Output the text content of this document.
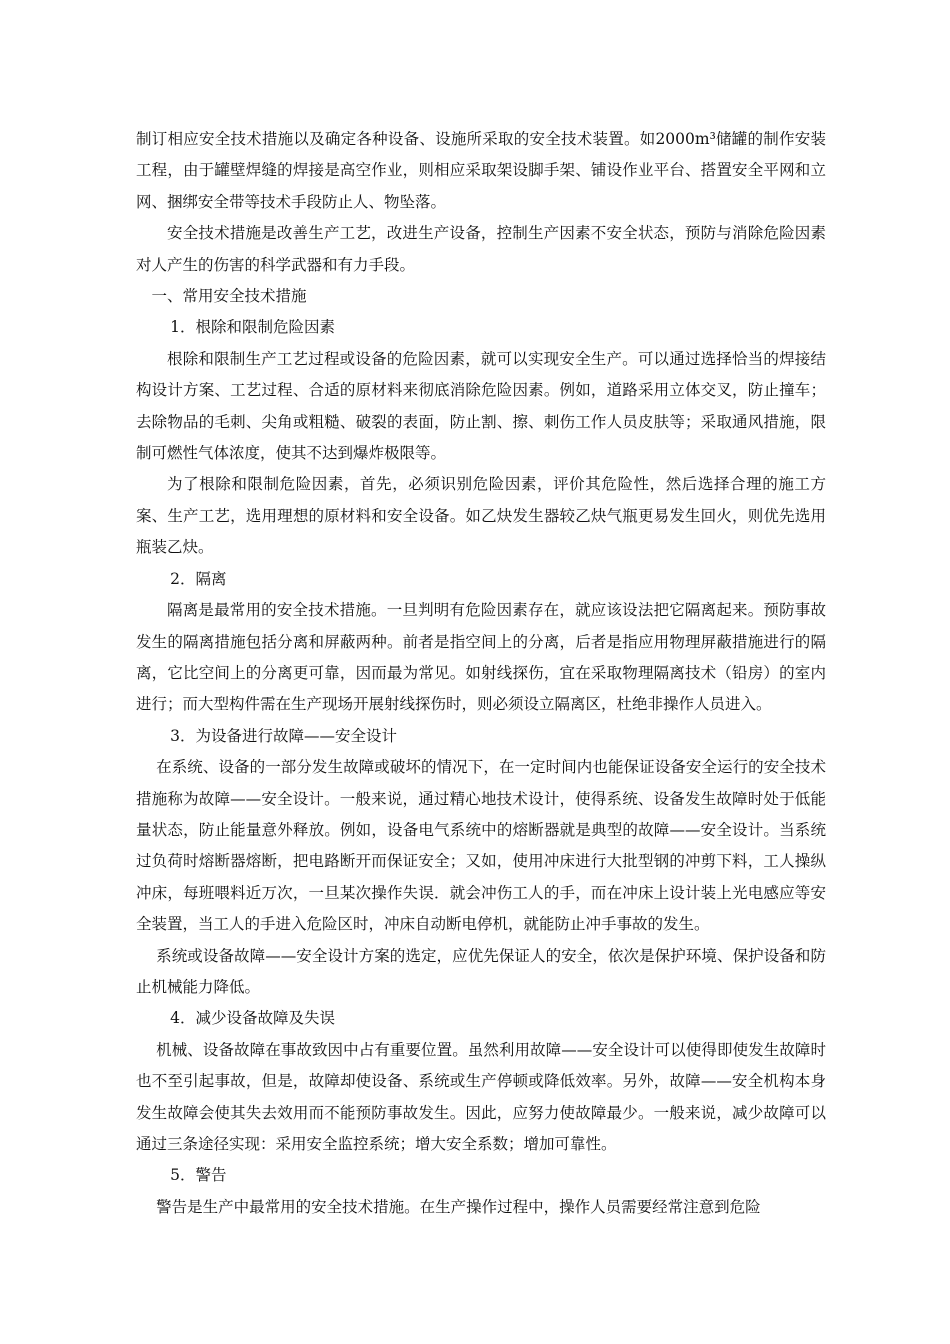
制订相应安全技术措施以及确定各种设备、设施所采取的安全技术装置。如2000m³储罐的制作安装工程，由于罐壁焊缝的焊接是高空作业，则相应采取架设脚手架、铺设作业平台、搭置安全平网和立网、捆绑安全带等技术手段防止人、物坠落。

安全技术措施是改善生产工艺，改进生产设备，控制生产因素不安全状态，预防与消除危险因素对人产生的伤害的科学武器和有力手段。

一、常用安全技术措施

1．根除和限制危险因素

根除和限制生产工艺过程或设备的危险因素，就可以实现安全生产。可以通过选择恰当的焊接结构设计方案、工艺过程、合适的原材料来彻底消除危险因素。例如，道路采用立体交叉，防止撞车；去除物品的毛刺、尖角或粗糙、破裂的表面，防止割、擦、刺伤工作人员皮肤等；采取通风措施，限制可燃性气体浓度，使其不达到爆炸极限等。

为了根除和限制危险因素，首先，必须识别危险因素，评价其危险性，然后选择合理的施工方案、生产工艺，选用理想的原材料和安全设备。如乙炔发生器较乙炔气瓶更易发生回火，则优先选用瓶装乙炔。

2．隔离

隔离是最常用的安全技术措施。一旦判明有危险因素存在，就应该设法把它隔离起来。预防事故发生的隔离措施包括分离和屏蔽两种。前者是指空间上的分离，后者是指应用物理屏蔽措施进行的隔离，它比空间上的分离更可靠，因而最为常见。如射线探伤，宜在采取物理隔离技术（铅房）的室内进行；而大型构件需在生产现场开展射线探伤时，则必须设立隔离区，杜绝非操作人员进入。

3．为设备进行故障——安全设计

在系统、设备的一部分发生故障或破坏的情况下，在一定时间内也能保证设备安全运行的安全技术措施称为故障——安全设计。一般来说，通过精心地技术设计，使得系统、设备发生故障时处于低能量状态，防止能量意外释放。例如，设备电气系统中的熔断器就是典型的故障——安全设计。当系统过负荷时熔断器熔断，把电路断开而保证安全；又如，使用冲床进行大批型钢的冲剪下料，工人操纵冲床，每班喂料近万次，一旦某次操作失误．就会冲伤工人的手，而在冲床上设计装上光电感应等安全装置，当工人的手进入危险区时，冲床自动断电停机，就能防止冲手事故的发生。

系统或设备故障——安全设计方案的选定，应优先保证人的安全，依次是保护环境、保护设备和防止机械能力降低。

4．减少设备故障及失误

机械、设备故障在事故致因中占有重要位置。虽然利用故障——安全设计可以使得即使发生故障时也不至引起事故，但是，故障却使设备、系统或生产停顿或降低效率。另外，故障——安全机构本身发生故障会使其失去效用而不能预防事故发生。因此，应努力使故障最少。一般来说，减少故障可以通过三条途径实现：采用安全监控系统；增大安全系数；增加可靠性。

5．警告

警告是生产中最常用的安全技术措施。在生产操作过程中，操作人员需要经常注意到危险
